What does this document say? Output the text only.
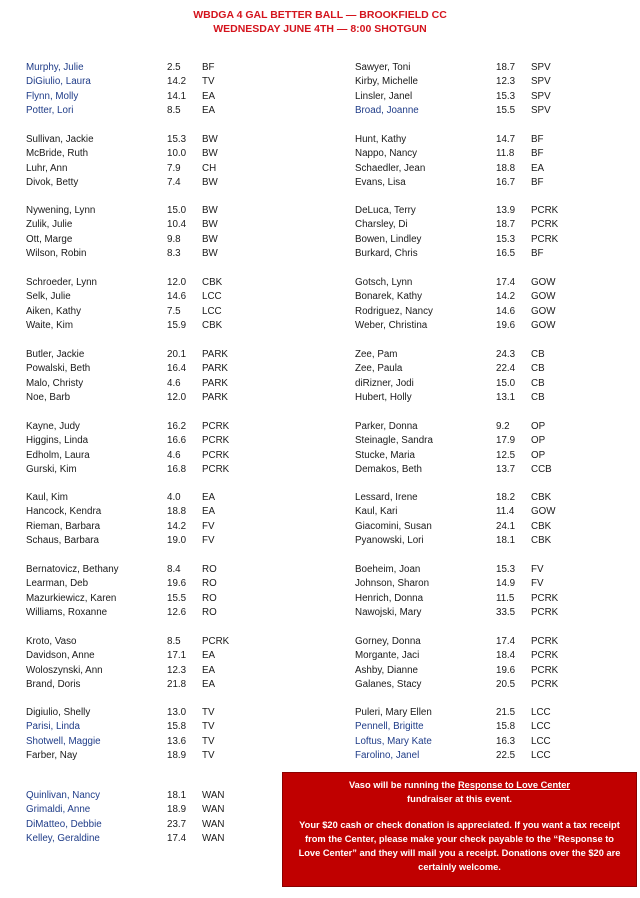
WBDGA 4 GAL BETTER BALL — BROOKFIELD CC
WEDNESDAY JUNE 4TH — 8:00 SHOTGUN
Murphy, Julie	2.5 BF
DiGiulio, Laura	14.2 TV
Flynn, Molly	14.1 EA
Potter, Lori	8.5 EA
Sullivan, Jackie	15.3 BW
McBride, Ruth	10.0 BW
Luhr, Ann	7.9 CH
Divok, Betty	7.4 BW
Nywening, Lynn	15.0 BW
Zulik, Julie	10.4 BW
Ott, Marge	9.8 BW
Wilson, Robin	8.3 BW
Schroeder, Lynn	12.0 CBK
Selk, Julie	14.6 LCC
Aiken, Kathy	7.5 LCC
Waite, Kim	15.9 CBK
Butler, Jackie	20.1 PARK
Powalski, Beth	16.4 PARK
Malo, Christy	4.6 PARK
Noe, Barb	12.0 PARK
Kayne, Judy	16.2 PCRK
Higgins, Linda	16.6 PCRK
Edholm, Laura	4.6 PCRK
Gurski, Kim	16.8 PCRK
Kaul, Kim	4.0 EA
Hancock, Kendra	18.8 EA
Rieman, Barbara	14.2 FV
Schaus, Barbara	19.0 FV
Bernatovicz, Bethany	8.4 RO
Learman, Deb	19.6 RO
Mazurkiewicz, Karen	15.5 RO
Williams, Roxanne	12.6 RO
Kroto, Vaso	8.5 PCRK
Davidson, Anne	17.1 EA
Woloszynski, Ann	12.3 EA
Brand, Doris	21.8 EA
Digiulio, Shelly	13.0 TV
Parisi, Linda	15.8 TV
Shotwell, Maggie	13.6 TV
Farber, Nay	18.9 TV
Quinlivan, Nancy	18.1 WAN
Grimaldi, Anne	18.9 WAN
DiMatteo, Debbie	23.7 WAN
Kelley, Geraldine	17.4 WAN
Sawyer, Toni	18.7 SPV
Kirby, Michelle	12.3 SPV
Linsler, Janel	15.3 SPV
Broad, Joanne	15.5 SPV
Hunt, Kathy	14.7 BF
Nappo, Nancy	11.8 BF
Schaedler, Jean	18.8 EA
Evans, Lisa	16.7 BF
DeLuca, Terry	13.9 PCRK
Charsley, Di	18.7 PCRK
Bowen, Lindley	15.3 PCRK
Burkard, Chris	16.5 BF
Gotsch, Lynn	17.4 GOW
Bonarek, Kathy	14.2 GOW
Rodriguez, Nancy	14.6 GOW
Weber, Christina	19.6 GOW
Zee, Pam	24.3 CB
Zee, Paula	22.4 CB
diRizner, Jodi	15.0 CB
Hubert, Holly	13.1 CB
Parker, Donna	9.2 OP
Steinagle, Sandra	17.9 OP
Stucke, Maria	12.5 OP
Demakos, Beth	13.7 CCB
Lessard, Irene	18.2 CBK
Kaul, Kari	11.4 GOW
Giacomini, Susan	24.1 CBK
Pyanowski, Lori	18.1 CBK
Boeheim, Joan	15.3 FV
Johnson, Sharon	14.9 FV
Henrich, Donna	11.5 PCRK
Nawojski, Mary	33.5 PCRK
Gorney, Donna	17.4 PCRK
Morgante, Jaci	18.4 PCRK
Ashby, Dianne	19.6 PCRK
Galanes, Stacy	20.5 PCRK
Puleri, Mary Ellen	21.5 LCC
Pennell, Brigitte	15.8 LCC
Loftus, Mary Kate	16.3 LCC
Farolino, Janel	22.5 LCC

Vaso will be running the Response to Love Center

fundraiser at this event.

Your $20 cash or check donation is appreciated. If you want a tax receipt from the Center, please make your check payable to the “Response to Love Center” and they will mail you a receipt. Donations over the $20 are certainly welcome.
